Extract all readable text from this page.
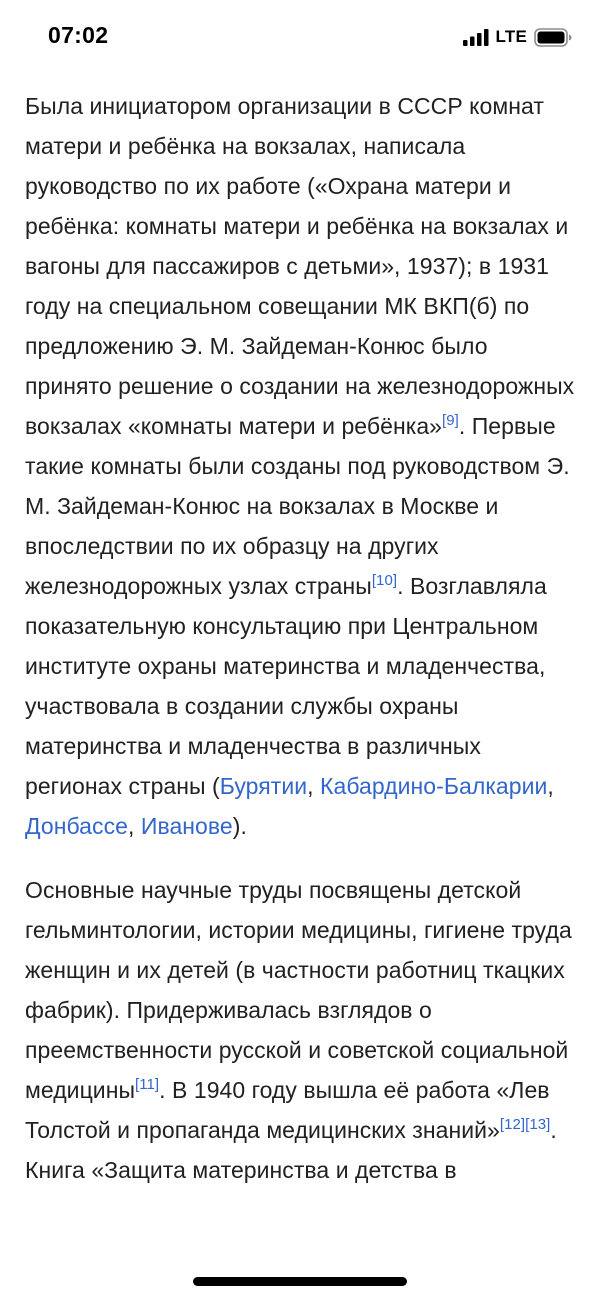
07:02	LTE

Была инициатором организации в СССР комнат матери и ребёнка на вокзалах, написала руководство по их работе («Охрана матери и ребёнка: комнаты матери и ребёнка на вокзалах и вагоны для пассажиров с детьми», 1937); в 1931 году на специальном совещании МК ВКП(б) по предложению Э. М. Зайдеман-Конюс было принято решение о создании на железнодорожных вокзалах «комнаты матери и ребёнка»[9]. Первые такие комнаты были созданы под руководством Э. М. Зайдеман-Конюс на вокзалах в Москве и впоследствии по их образцу на других железнодорожных узлах страны[10]. Возглавляла показательную консультацию при Центральном институте охраны материнства и младенчества, участвовала в создании службы охраны материнства и младенчества в различных регионах страны (Бурятии, Кабардино-Балкарии, Донбассе, Иванове).

Основные научные труды посвящены детской гельминтологии, истории медицины, гигиене труда женщин и их детей (в частности работниц ткацких фабрик). Придерживалась взглядов о преемственности русской и советской социальной медицины[11]. В 1940 году вышла её работа «Лев Толстой и пропаганда медицинских знаний»[12][13]. Книга «Защита материнства и детства в
